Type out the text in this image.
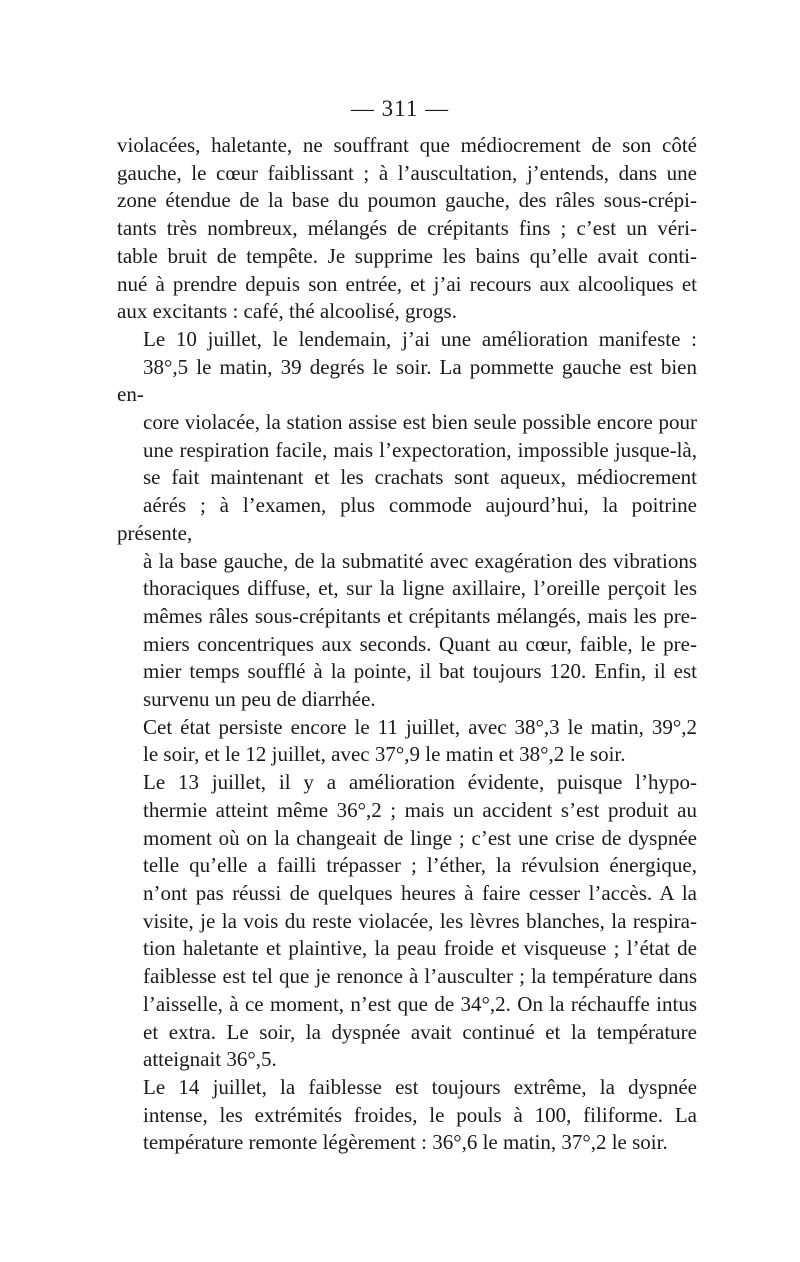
— 311 —

violacées, haletante, ne souffrant que médiocrement de son côté
gauche, le cœur faiblissant ; à l’auscultation, j’entends, dans une
zone étendue de la base du poumon gauche, des râles sous-crépi-
tants très nombreux, mélangés de crépitants fins ; c’est un véri-
table bruit de tempête. Je supprime les bains qu’elle avait conti-
nué à prendre depuis son entrée, et j’ai recours aux alcooliques et
aux excitants : café, thé alcoolisé, grogs.

Le 10 juillet, le lendemain, j’ai une amélioration manifeste :
38°,5 le matin, 39 degrés le soir. La pommette gauche est bien en-
core violacée, la station assise est bien seule possible encore pour
une respiration facile, mais l’expectoration, impossible jusque-là,
se fait maintenant et les crachats sont aqueux, médiocrement
aérés ; à l’examen, plus commode aujourd’hui, la poitrine présente,
à la base gauche, de la submatité avec exagération des vibrations
thoraciques diffuse, et, sur la ligne axillaire, l’oreille perçoit les
mêmes râles sous-crépitants et crépitants mélangés, mais les pre-
miers concentriques aux seconds. Quant au cœur, faible, le pre-
mier temps soufflé à la pointe, il bat toujours 120. Enfin, il est
survenu un peu de diarrhée.

Cet état persiste encore le 11 juillet, avec 38°,3 le matin, 39°,2
le soir, et le 12 juillet, avec 37°,9 le matin et 38°,2 le soir.

Le 13 juillet, il y a amélioration évidente, puisque l’hypo-
thermie atteint même 36°,2 ; mais un accident s’est produit au
moment où on la changeait de linge ; c’est une crise de dyspnée
telle qu’elle a failli trépasser ; l’éther, la révulsion énergique,
n’ont pas réussi de quelques heures à faire cesser l’accès. A la
visite, je la vois du reste violacée, les lèvres blanches, la respira-
tion haletante et plaintive, la peau froide et visqueuse ; l’état de
faiblesse est tel que je renonce à l’ausculter ; la température dans
l’aisselle, à ce moment, n’est que de 34°,2. On la réchauffe intus
et extra. Le soir, la dyspnée avait continué et la température
atteignait 36°,5.

Le 14 juillet, la faiblesse est toujours extrême, la dyspnée
intense, les extrémités froides, le pouls à 100, filiforme. La
température remonte légèrement : 36°,6 le matin, 37°,2 le soir.
